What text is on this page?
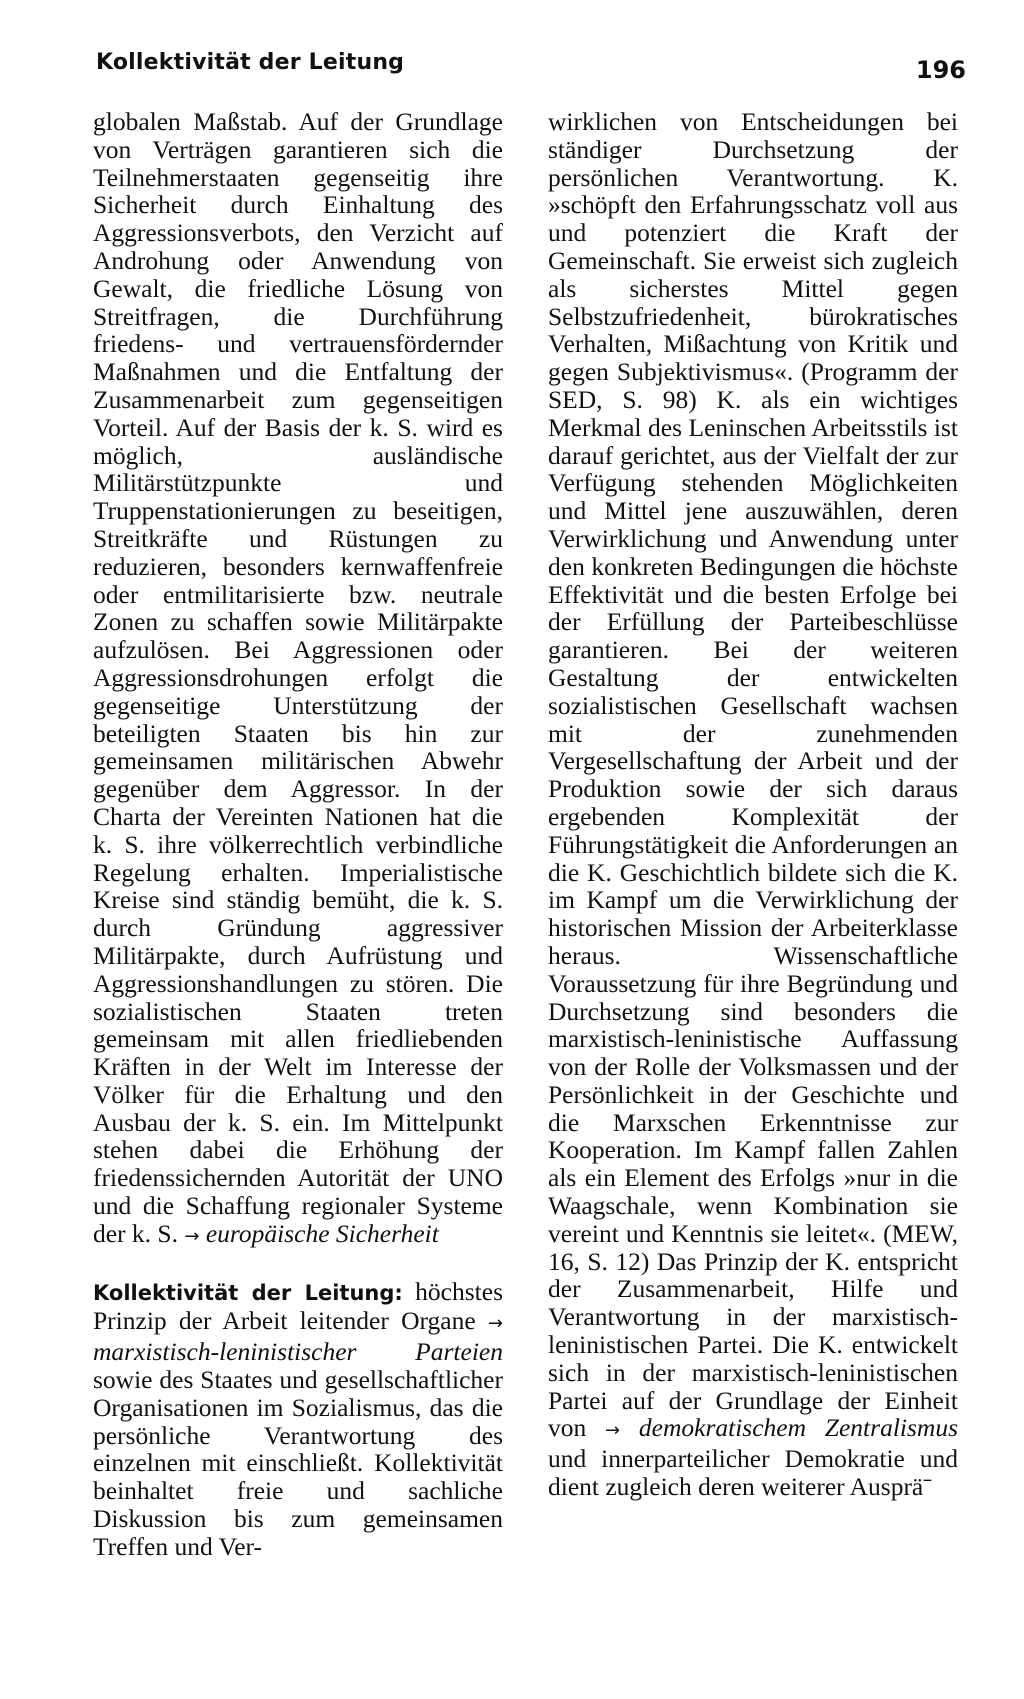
Kollektivität der Leitung	196

globalen Maßstab. Auf der Grundlage von Verträgen garantieren sich die Teilnehmerstaaten gegenseitig ihre Sicherheit durch Einhaltung des Aggressionsverbots, den Verzicht auf Androhung oder Anwendung von Gewalt, die friedliche Lösung von Streitfragen, die Durchführung friedens- und vertrauensfördernder Maßnahmen und die Entfaltung der Zusammenarbeit zum gegenseitigen Vorteil. Auf der Basis der k. S. wird es möglich, ausländische Militärstützpunkte und Truppenstationierungen zu beseitigen, Streitkräfte und Rüstungen zu reduzieren, besonders kernwaffenfreie oder entmilitarisierte bzw. neutrale Zonen zu schaffen sowie Militärpakte aufzulösen. Bei Aggressionen oder Aggressionsdrohungen erfolgt die gegenseitige Unterstützung der beteiligten Staaten bis hin zur gemeinsamen militärischen Abwehr gegenüber dem Aggressor. In der Charta der Vereinten Nationen hat die k. S. ihre völkerrechtlich verbindliche Regelung erhalten. Imperialistische Kreise sind ständig bemüht, die k. S. durch Gründung aggressiver Militärpakte, durch Aufrüstung und Aggressionshandlungen zu stören. Die sozialistischen Staaten treten gemeinsam mit allen friedliebenden Kräften in der Welt im Interesse der Völker für die Erhaltung und den Ausbau der k. S. ein. Im Mittelpunkt stehen dabei die Erhöhung der friedenssichernden Autorität der UNO und die Schaffung regionaler Systeme der k. S. → europäische Sicherheit

Kollektivität der Leitung: höchstes Prinzip der Arbeit leitender Organe → marxistisch-leninistischer Parteien sowie des Staates und gesellschaftlicher Organisationen im Sozialismus, das die persönliche Verantwortung des einzelnen mit einschließt. Kollektivität beinhaltet freie und sachliche Diskussion bis zum gemeinsamen Treffen und Ver-

wirklichen von Entscheidungen bei ständiger Durchsetzung der persönlichen Verantwortung. K. »schöpft den Erfahrungsschatz voll aus und potenziert die Kraft der Gemeinschaft. Sie erweist sich zugleich als sicherstes Mittel gegen Selbstzufriedenheit, bürokratisches Verhalten, Mißachtung von Kritik und gegen Subjektivismus«. (Programm der SED, S. 98) K. als ein wichtiges Merkmal des Leninschen Arbeitsstils ist darauf gerichtet, aus der Vielfalt der zur Verfügung stehenden Möglichkeiten und Mittel jene auszuwählen, deren Verwirklichung und Anwendung unter den konkreten Bedingungen die höchste Effektivität und die besten Erfolge bei der Erfüllung der Parteibeschlüsse garantieren. Bei der weiteren Gestaltung der entwickelten sozialistischen Gesellschaft wachsen mit der zunehmenden Vergesellschaftung der Arbeit und der Produktion sowie der sich daraus ergebenden Komplexität der Führungstätigkeit die Anforderungen an die K. Geschichtlich bildete sich die K. im Kampf um die Verwirklichung der historischen Mission der Arbeiterklasse heraus. Wissenschaftliche Voraussetzung für ihre Begründung und Durchsetzung sind besonders die marxistisch-leninistische Auffassung von der Rolle der Volksmassen und der Persönlichkeit in der Geschichte und die Marxschen Erkenntnisse zur Kooperation. Im Kampf fallen Zahlen als ein Element des Erfolgs »nur in die Waagschale, wenn Kombination sie vereint und Kenntnis sie leitet«. (MEW, 16, S. 12) Das Prinzip der K. entspricht der Zusammenarbeit, Hilfe und Verantwortung in der marxistisch-leninistischen Partei. Die K. entwickelt sich in der marxistisch-leninistischen Partei auf der Grundlage der Einheit von → demokratischem Zentralismus und innerparteilicher Demokratie und dient zugleich deren weiterer Auspräˉ
